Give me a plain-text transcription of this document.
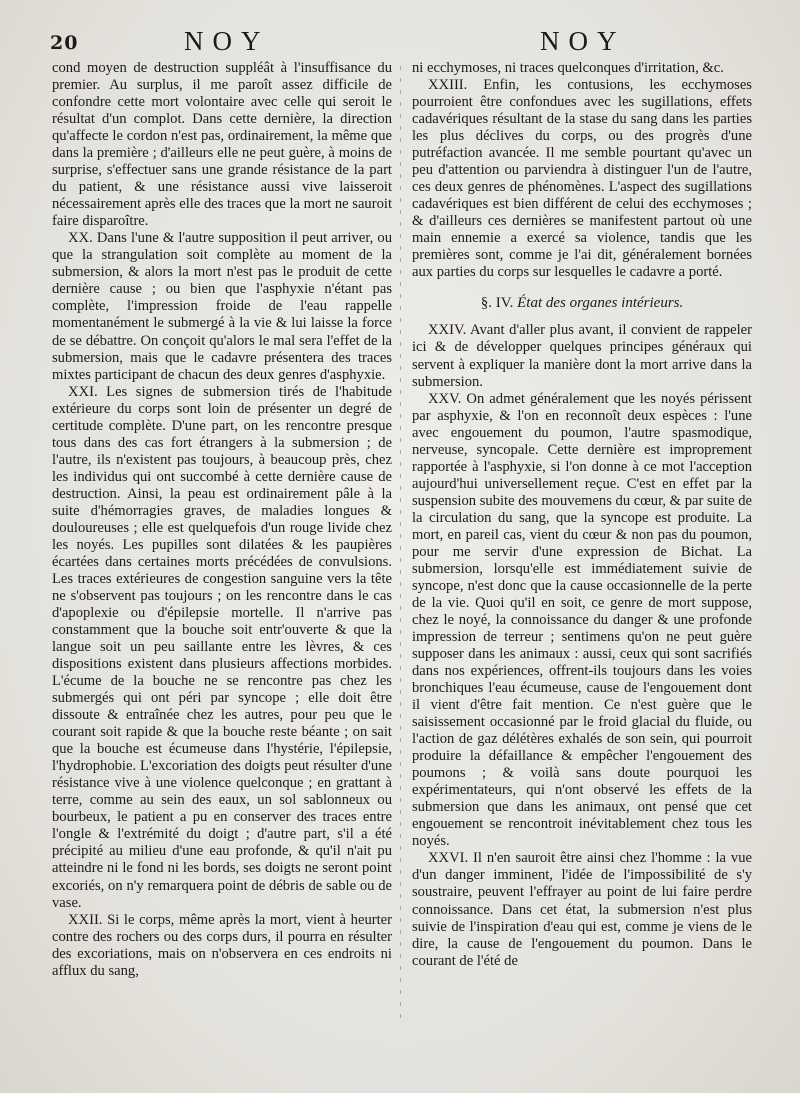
20	NOY	NOY

cond moyen de destruction suppléât à l'insuffisance du premier. Au surplus, il me paroît assez difficile de confondre cette mort volontaire avec celle qui seroit le résultat d'un complot. Dans cette dernière, la direction qu'affecte le cordon n'est pas, ordinairement, la même que dans la première ; d'ailleurs elle ne peut guère, à moins de surprise, s'effectuer sans une grande résistance de la part du patient, & une résistance aussi vive laisseroit nécessairement après elle des traces que la mort ne sauroit faire disparoître.

XX. Dans l'une & l'autre supposition il peut arriver, ou que la strangulation soit complète au moment de la submersion, & alors la mort n'est pas le produit de cette dernière cause ; ou bien que l'asphyxie n'étant pas complète, l'impression froide de l'eau rappelle momentanément le submergé à la vie & lui laisse la force de se débattre. On conçoit qu'alors le mal sera l'effet de la submersion, mais que le cadavre présentera des traces mixtes participant de chacun des deux genres d'asphyxie.

XXI. Les signes de submersion tirés de l'habitude extérieure du corps sont loin de présenter un degré de certitude complète. D'une part, on les rencontre presque tous dans des cas fort étrangers à la submersion ; de l'autre, ils n'existent pas toujours, à beaucoup près, chez les individus qui ont succombé à cette dernière cause de destruction. Ainsi, la peau est ordinairement pâle à la suite d'hémorragies graves, de maladies longues & douloureuses ; elle est quelquefois d'un rouge livide chez les noyés. Les pupilles sont dilatées & les paupières écartées dans certaines morts précédées de convulsions. Les traces extérieures de congestion sanguine vers la tête ne s'observent pas toujours ; on les rencontre dans le cas d'apoplexie ou d'épilepsie mortelle. Il n'arrive pas constamment que la bouche soit entr'ouverte & que la langue soit un peu saillante entre les lèvres, & ces dispositions existent dans plusieurs affections morbides. L'écume de la bouche ne se rencontre pas chez les submergés qui ont péri par syncope ; elle doit être dissoute & entraînée chez les autres, pour peu que le courant soit rapide & que la bouche reste béante ; on sait que la bouche est écumeuse dans l'hystérie, l'épilepsie, l'hydrophobie. L'excoriation des doigts peut résulter d'une résistance vive à une violence quelconque ; en grattant à terre, comme au sein des eaux, un sol sablonneux ou bourbeux, le patient a pu en conserver des traces entre l'ongle & l'extrémité du doigt ; d'autre part, s'il a été précipité au milieu d'une eau profonde, & qu'il n'ait pu atteindre ni le fond ni les bords, ses doigts ne seront point excoriés, on n'y remarquera point de débris de sable ou de vase.

XXII. Si le corps, même après la mort, vient à heurter contre des rochers ou des corps durs, il pourra en résulter des excoriations, mais on n'observera en ces endroits ni afflux du sang,

ni ecchymoses, ni traces quelconques d'irritation, &c.

XXIII. Enfin, les contusions, les ecchymoses pourroient être confondues avec les sugillations, effets cadavériques résultant de la stase du sang dans les parties les plus déclives du corps, ou des progrès d'une putréfaction avancée. Il me semble pourtant qu'avec un peu d'attention ou parviendra à distinguer l'un de l'autre, ces deux genres de phénomènes. L'aspect des sugillations cadavériques est bien différent de celui des ecchymoses ; & d'ailleurs ces dernières se manifestent partout où une main ennemie a exercé sa violence, tandis que les premières sont, comme je l'ai dit, généralement bornées aux parties du corps sur lesquelles le cadavre a porté.

§. IV. État des organes intérieurs.

XXIV. Avant d'aller plus avant, il convient de rappeler ici & de développer quelques principes généraux qui servent à expliquer la manière dont la mort arrive dans la submersion.

XXV. On admet généralement que les noyés périssent par asphyxie, & l'on en reconnoît deux espèces : l'une avec engouement du poumon, l'autre spasmodique, nerveuse, syncopale. Cette dernière est improprement rapportée à l'asphyxie, si l'on donne à ce mot l'acception aujourd'hui universellement reçue. C'est en effet par la suspension subite des mouvemens du cœur, & par suite de la circulation du sang, que la syncope est produite. La mort, en pareil cas, vient du cœur & non pas du poumon, pour me servir d'une expression de Bichat. La submersion, lorsqu'elle est immédiatement suivie de syncope, n'est donc que la cause occasionnelle de la perte de la vie. Quoi qu'il en soit, ce genre de mort suppose, chez le noyé, la connoissance du danger & une profonde impression de terreur ; sentimens qu'on ne peut guère supposer dans les animaux : aussi, ceux qui sont sacrifiés dans nos expériences, offrent-ils toujours dans les voies bronchiques l'eau écumeuse, cause de l'engouement dont il vient d'être fait mention. Ce n'est guère que le saisissement occasionné par le froid glacial du fluide, ou l'action de gaz délétères exhalés de son sein, qui pourroit produire la défaillance & empêcher l'engouement des poumons ; & voilà sans doute pourquoi les expérimentateurs, qui n'ont observé les effets de la submersion que dans les animaux, ont pensé que cet engouement se rencontroit inévitablement chez tous les noyés.

XXVI. Il n'en sauroit être ainsi chez l'homme : la vue d'un danger imminent, l'idée de l'impossibilité de s'y soustraire, peuvent l'effrayer au point de lui faire perdre connoissance. Dans cet état, la submersion n'est plus suivie de l'inspiration d'eau qui est, comme je viens de le dire, la cause de l'engouement du poumon. Dans le courant de l'été de
